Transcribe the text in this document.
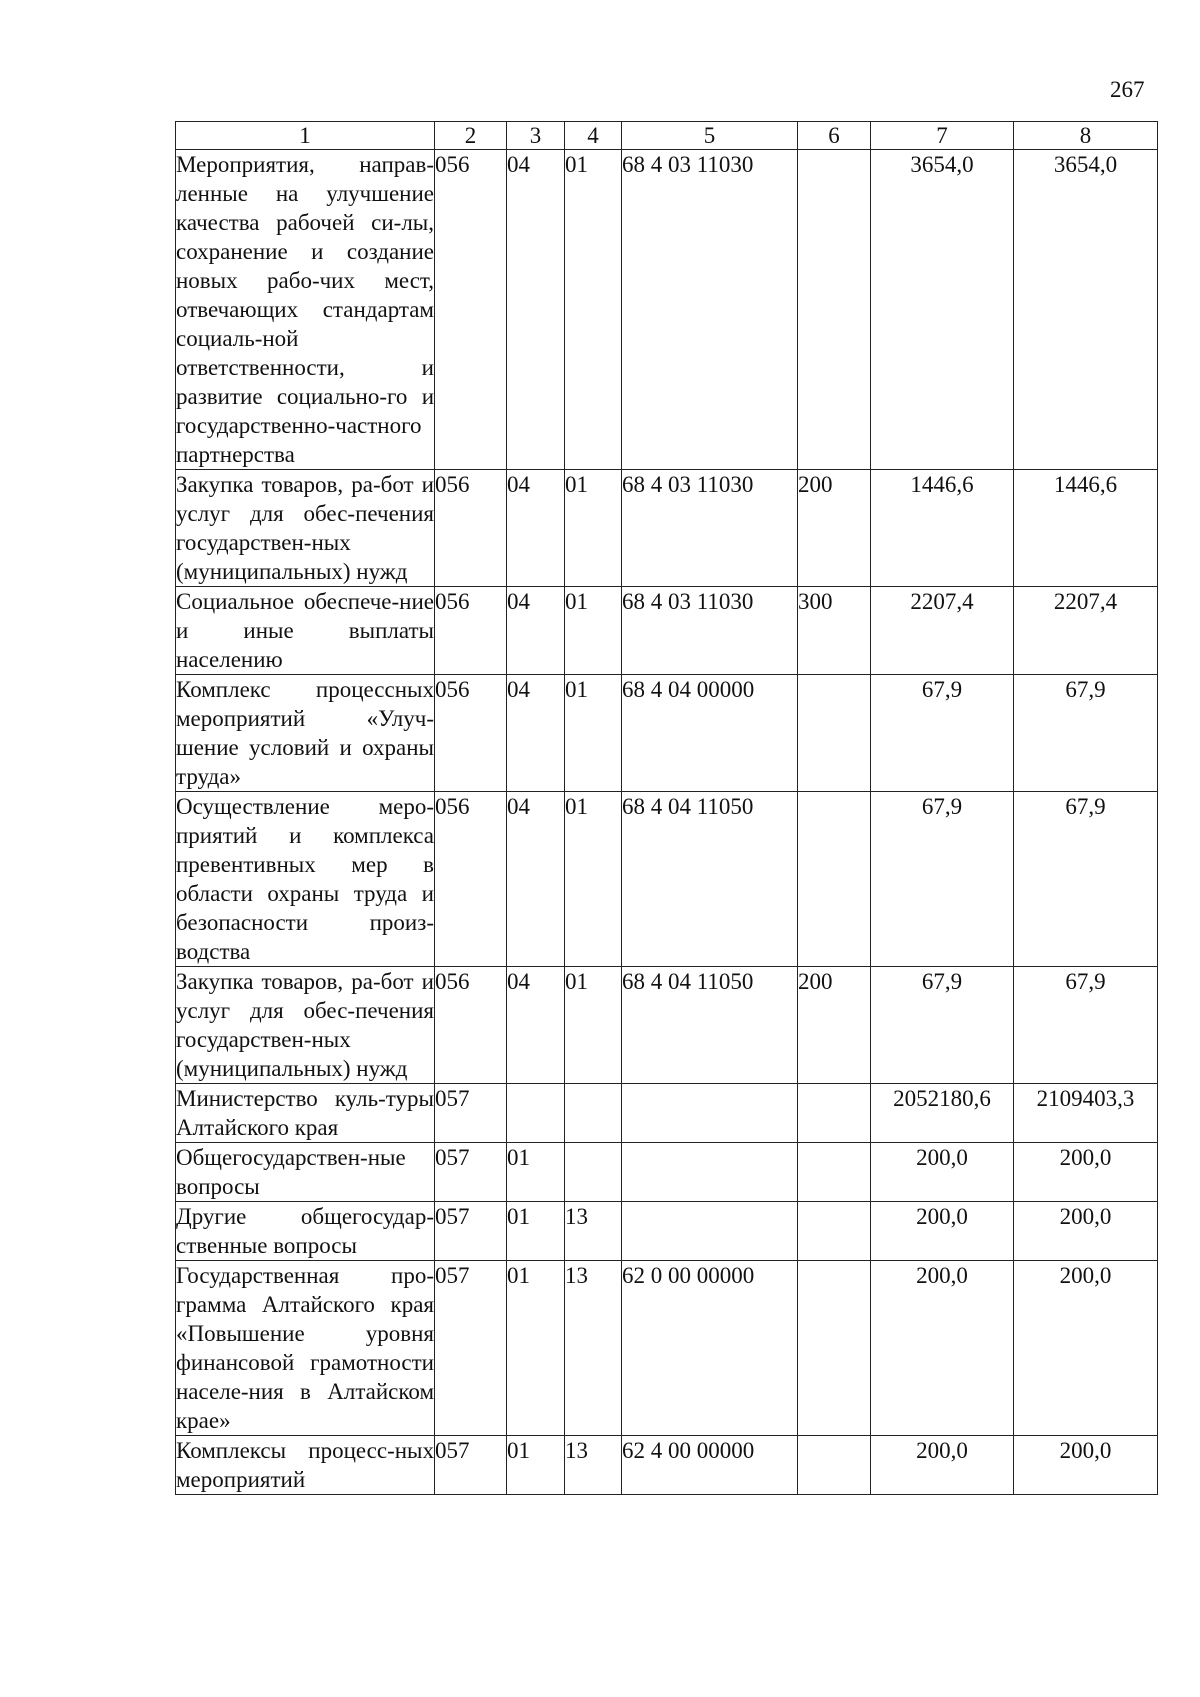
267
1	2	3	4	5	6	7	8
Мероприятия, направ-ленные на улучшение качества рабочей си-лы, сохранение и создание новых рабо-чих мест, отвечающих стандартам социаль-ной ответственности, и развитие социально-го и государственно-частного партнерства	056	04	01	68 4 03 11030		3654,0	3654,0
Закупка товаров, ра-бот и услуг для обес-печения государствен-ных (муниципальных) нужд	056	04	01	68 4 03 11030	200	1446,6	1446,6
Социальное обеспече-ние и иные выплаты населению	056	04	01	68 4 03 11030	300	2207,4	2207,4
Комплекс процессных мероприятий «Улуч-шение условий и охраны труда»	056	04	01	68 4 04 00000		67,9	67,9
Осуществление меро-приятий и комплекса превентивных мер в области охраны труда и безопасности произ-водства	056	04	01	68 4 04 11050		67,9	67,9
Закупка товаров, ра-бот и услуг для обес-печения государствен-ных (муниципальных) нужд	056	04	01	68 4 04 11050	200	67,9	67,9
Министерство куль-туры Алтайского края	057					2052180,6	2109403,3
Общегосударствен-ные вопросы	057	01				200,0	200,0
Другие общегосудар-ственные вопросы	057	01	13			200,0	200,0
Государственная про-грамма Алтайского края «Повышение уровня финансовой грамотности населе-ния в Алтайском крае»	057	01	13	62 0 00 00000		200,0	200,0
Комплексы процесс-ных мероприятий	057	01	13	62 4 00 00000		200,0	200,0
